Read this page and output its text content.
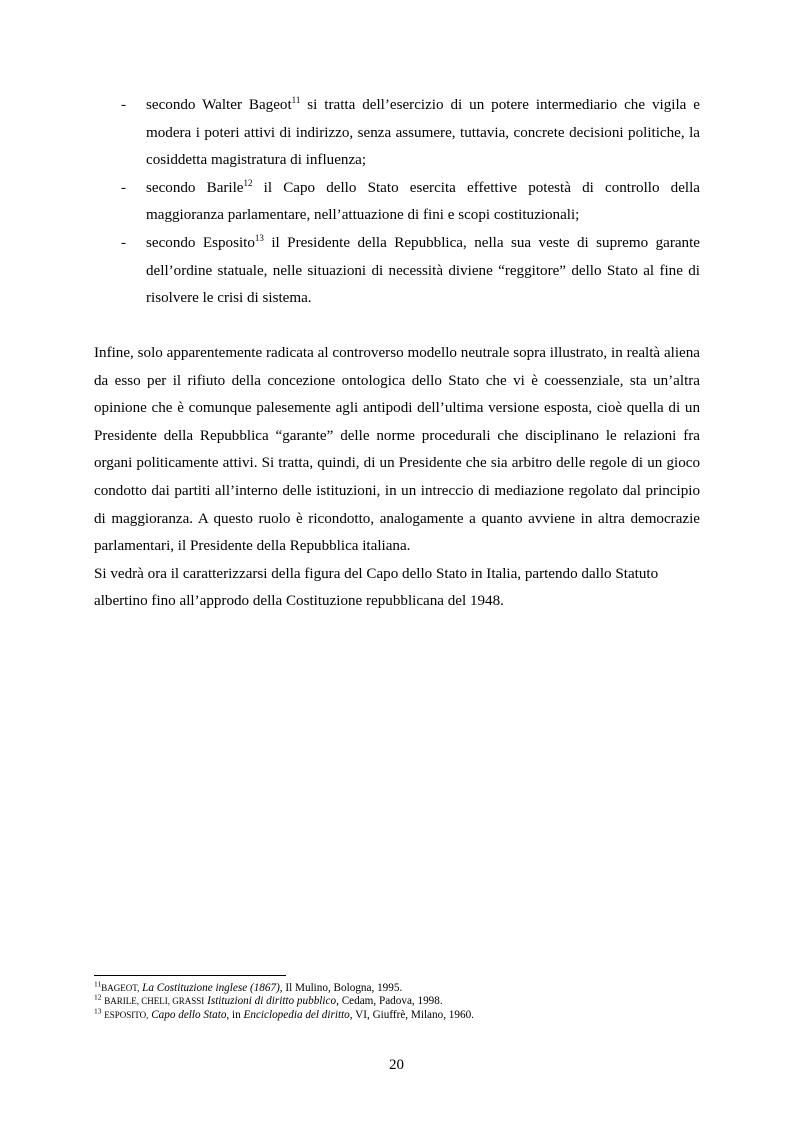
- secondo Walter Bageot$^{11}$ si tratta dell’esercizio di un potere intermediario che vigila e modera i poteri attivi di indirizzo, senza assumere, tuttavia, concrete decisioni politiche, la cosiddetta magistratura di influenza;
- secondo Barile$^{12}$ il Capo dello Stato esercita effettive potestà di controllo della maggioranza parlamentare, nell’attuazione di fini e scopi costituzionali;
- secondo Esposito$^{13}$ il Presidente della Repubblica, nella sua veste di supremo garante dell’ordine statuale, nelle situazioni di necessità diviene “reggitore” dello Stato al fine di risolvere le crisi di sistema.

Infine, solo apparentemente radicata al controverso modello neutrale sopra illustrato, in realtà aliena da esso per il rifiuto della concezione ontologica dello Stato che vi è coessenziale, sta un’altra opinione che è comunque palesemente agli antipodi dell’ultima versione esposta, cioè quella di un Presidente della Repubblica “garante” delle norme procedurali che disciplinano le relazioni fra organi politicamente attivi. Si tratta, quindi, di un Presidente che sia arbitro delle regole di un gioco condotto dai partiti all’interno delle istituzioni, in un intreccio di mediazione regolato dal principio di maggioranza. A questo ruolo è ricondotto, analogamente a quanto avviene in altra democrazie parlamentari, il Presidente della Repubblica italiana.

Si vedrà ora il caratterizzarsi della figura del Capo dello Stato in Italia, partendo dallo Statuto albertino fino all’approdo della Costituzione repubblicana del 1948.

$^{11}$BAGEOT, La Costituzione inglese (1867), Il Mulino, Bologna, 1995.

$^{12}$ BARILE, CHELI, GRASSI Istituzioni di diritto pubblico, Cedam, Padova, 1998.

$^{13}$ ESPOSITO, Capo dello Stato, in Enciclopedia del diritto, VI, Giuffrè, Milano, 1960.

20
